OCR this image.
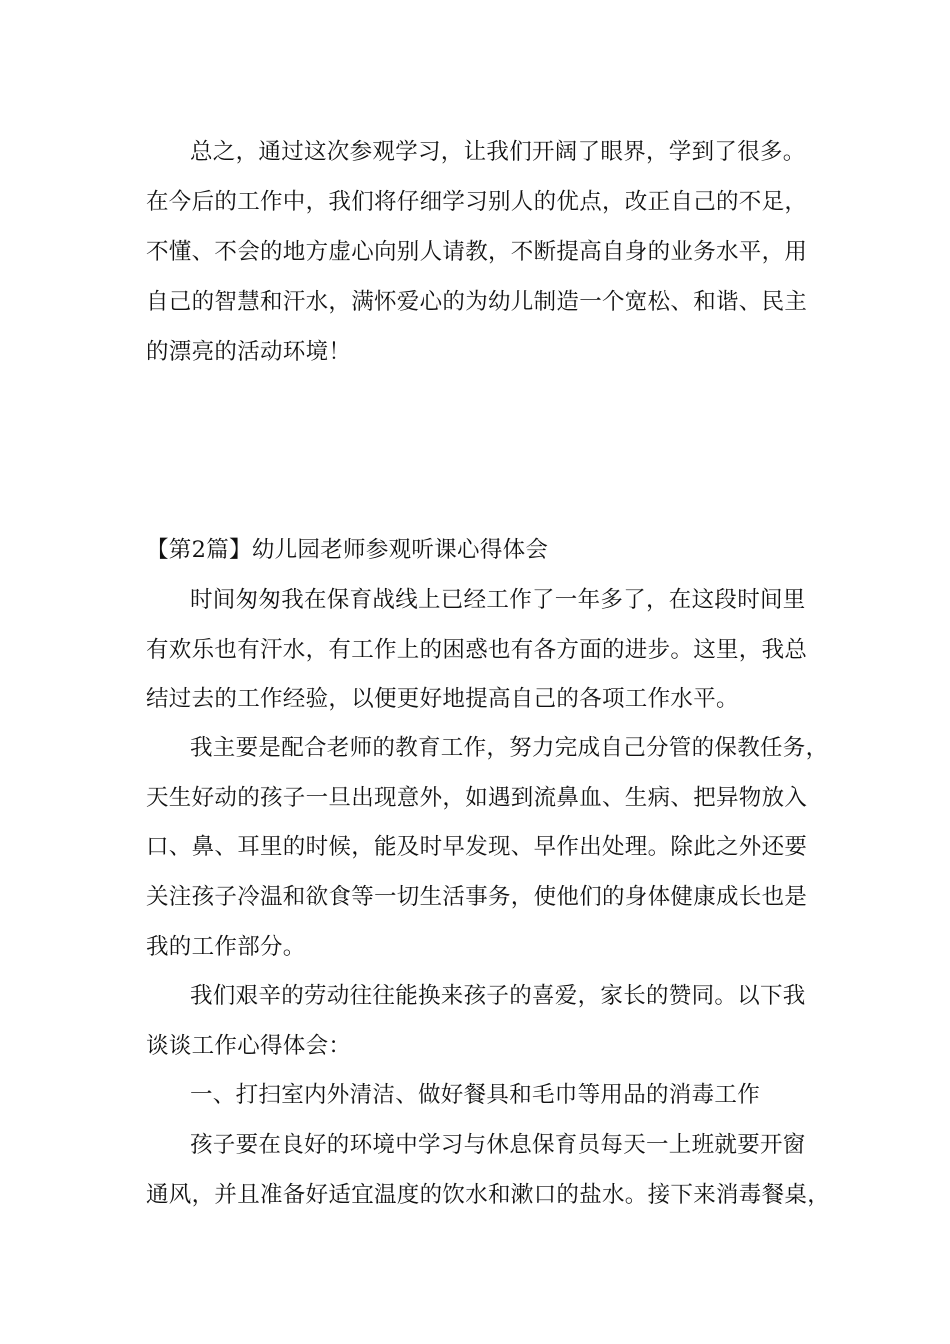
总之，通过这次参观学习，让我们开阔了眼界，学到了很多。
在今后的工作中，我们将仔细学习别人的优点，改正自己的不足，
不懂、不会的地方虚心向别人请教，不断提高自身的业务水平，用
自己的智慧和汗水，满怀爱心的为幼儿制造一个宽松、和谐、民主
的漂亮的活动环境！
【第2篇】幼儿园老师参观听课心得体会
时间匆匆我在保育战线上已经工作了一年多了，在这段时间里
有欢乐也有汗水，有工作上的困惑也有各方面的进步。这里，我总
结过去的工作经验，以便更好地提高自己的各项工作水平。
我主要是配合老师的教育工作，努力完成自己分管的保教任务，
天生好动的孩子一旦出现意外，如遇到流鼻血、生病、把异物放入
口、鼻、耳里的时候，能及时早发现、早作出处理。除此之外还要
关注孩子冷温和欲食等一切生活事务，使他们的身体健康成长也是
我的工作部分。
我们艰辛的劳动往往能换来孩子的喜爱，家长的赞同。以下我
谈谈工作心得体会：
一、打扫室内外清洁、做好餐具和毛巾等用品的消毒工作
孩子要在良好的环境中学习与休息保育员每天一上班就要开窗
通风，并且准备好适宜温度的饮水和漱口的盐水。接下来消毒餐桌，
